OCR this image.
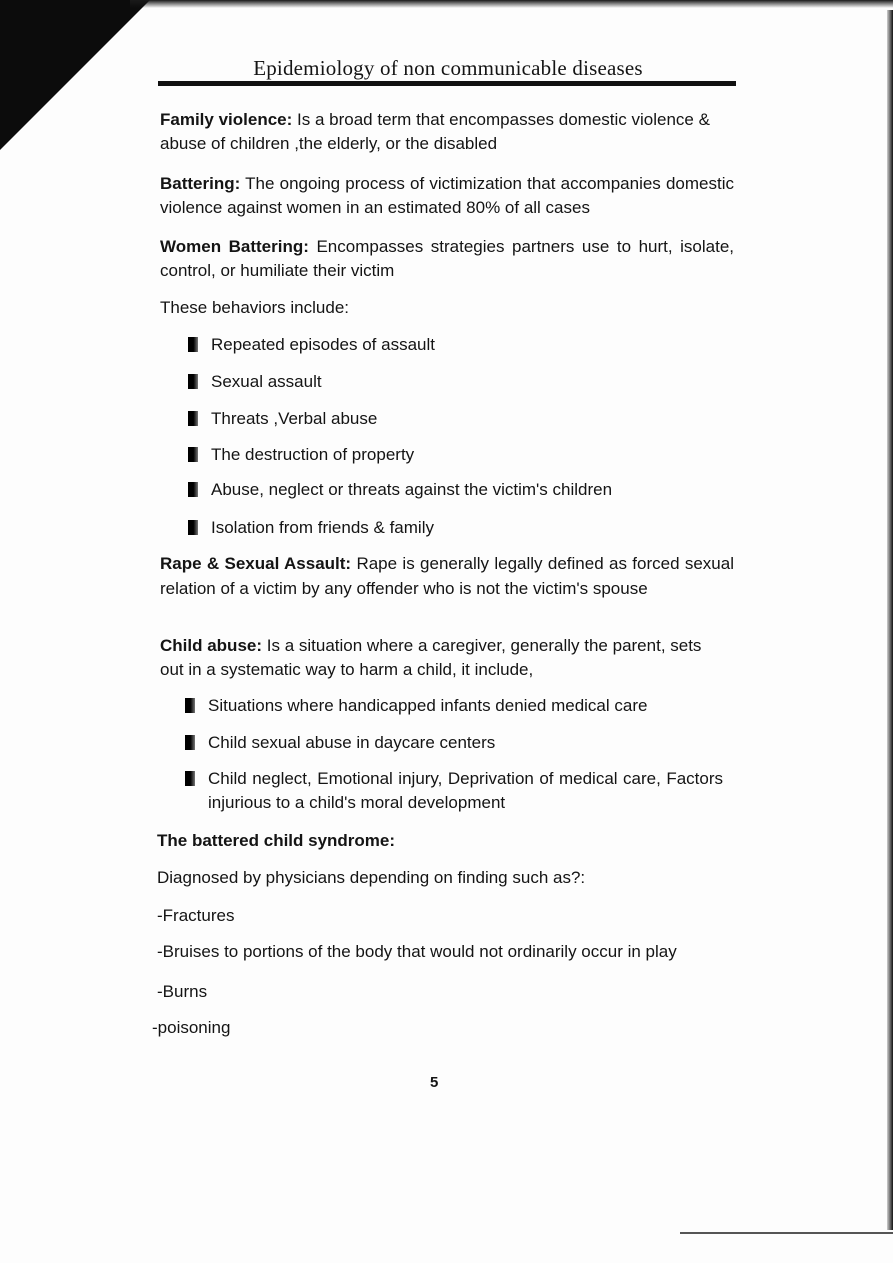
Epidemiology of non communicable diseases
Family violence: Is a broad term that encompasses domestic violence & abuse of children ,the elderly, or the disabled
Battering: The ongoing process of victimization that accompanies domestic violence against women in an estimated 80% of all cases
Women Battering: Encompasses strategies partners use to hurt, isolate, control, or humiliate their victim
These behaviors include:
Repeated episodes of assault
Sexual assault
Threats ,Verbal abuse
The destruction of property
Abuse, neglect or threats against the victim's children
Isolation from friends & family
Rape & Sexual Assault: Rape is generally legally defined as forced sexual relation of a victim by any offender who is not the victim's spouse
Child abuse: Is a situation where a caregiver, generally the parent, sets out in a systematic way to harm a child, it include,
Situations where handicapped infants denied medical care
Child sexual abuse in daycare centers
Child neglect, Emotional injury, Deprivation of medical care, Factors injurious to a child's moral development
The battered child syndrome:
Diagnosed by physicians depending on finding such as?:
-Fractures
-Bruises to portions of the body that would not ordinarily occur in play
-Burns
-poisoning
5
